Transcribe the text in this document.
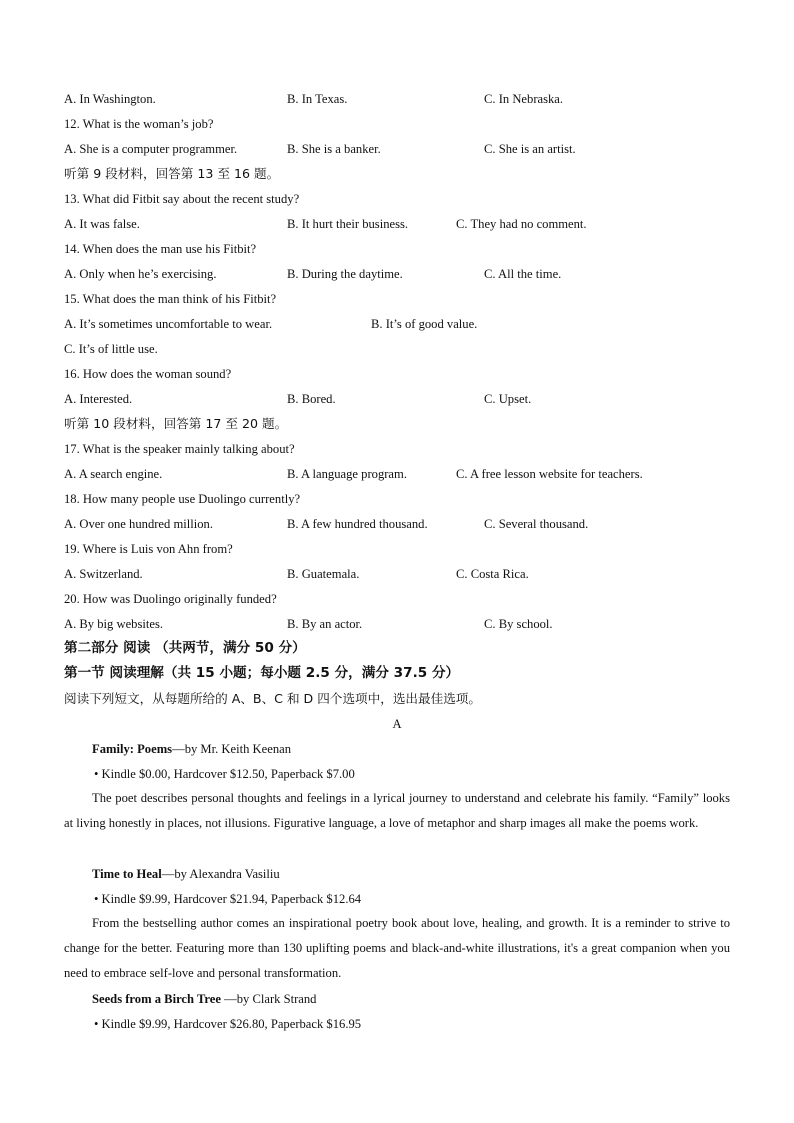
A. In Washington.	B. In Texas.	C. In Nebraska.
12. What is the woman’s job?
A. She is a computer programmer.	B. She is a banker.	C. She is an artist.
听第 9 段材料，回答第 13 至 16 题。
13. What did Fitbit say about the recent study?
A. It was false.	B. It hurt their business.	C. They had no comment.
14. When does the man use his Fitbit?
A. Only when he’s exercising.	B. During the daytime.	C. All the time.
15. What does the man think of his Fitbit?
A. It’s sometimes uncomfortable to wear.	B. It’s of good value.
C. It’s of little use.
16. How does the woman sound?
A. Interested.	B. Bored.	C. Upset.
听第 10 段材料，回答第 17 至 20 题。
17. What is the speaker mainly talking about?
A. A search engine.	B. A language program.	C. A free lesson website for teachers.
18. How many people use Duolingo currently?
A. Over one hundred million.	B. A few hundred thousand.	C. Several thousand.
19. Where is Luis von Ahn from?
A. Switzerland.	B. Guatemala.	C. Costa Rica.
20. How was Duolingo originally funded?
A. By big websites.	B. By an actor.	C. By school.
第二部分 阅读 （共两节，满分 50 分）
第一节 阅读理解（共 15 小题；每小题 2.5 分，满分 37.5 分）
阅读下列短文，从每题所给的 A、B、C 和 D 四个选项中，选出最佳选项。
A
Family: Poems—by Mr. Keith Keenan
• Kindle $0.00, Hardcover $12.50, Paperback $7.00
The poet describes personal thoughts and feelings in a lyrical journey to understand and celebrate his family. “Family” looks at living honestly in places, not illusions. Figurative language, a love of metaphor and sharp images all make the poems work.
Time to Heal—by Alexandra Vasiliu
• Kindle $9.99, Hardcover $21.94, Paperback $12.64
From the bestselling author comes an inspirational poetry book about love, healing, and growth. It is a reminder to strive to change for the better. Featuring more than 130 uplifting poems and black-and-white illustrations, it's a great companion when you need to embrace self-love and personal transformation.
Seeds from a Birch Tree —by Clark Strand
• Kindle $9.99, Hardcover $26.80, Paperback $16.95
